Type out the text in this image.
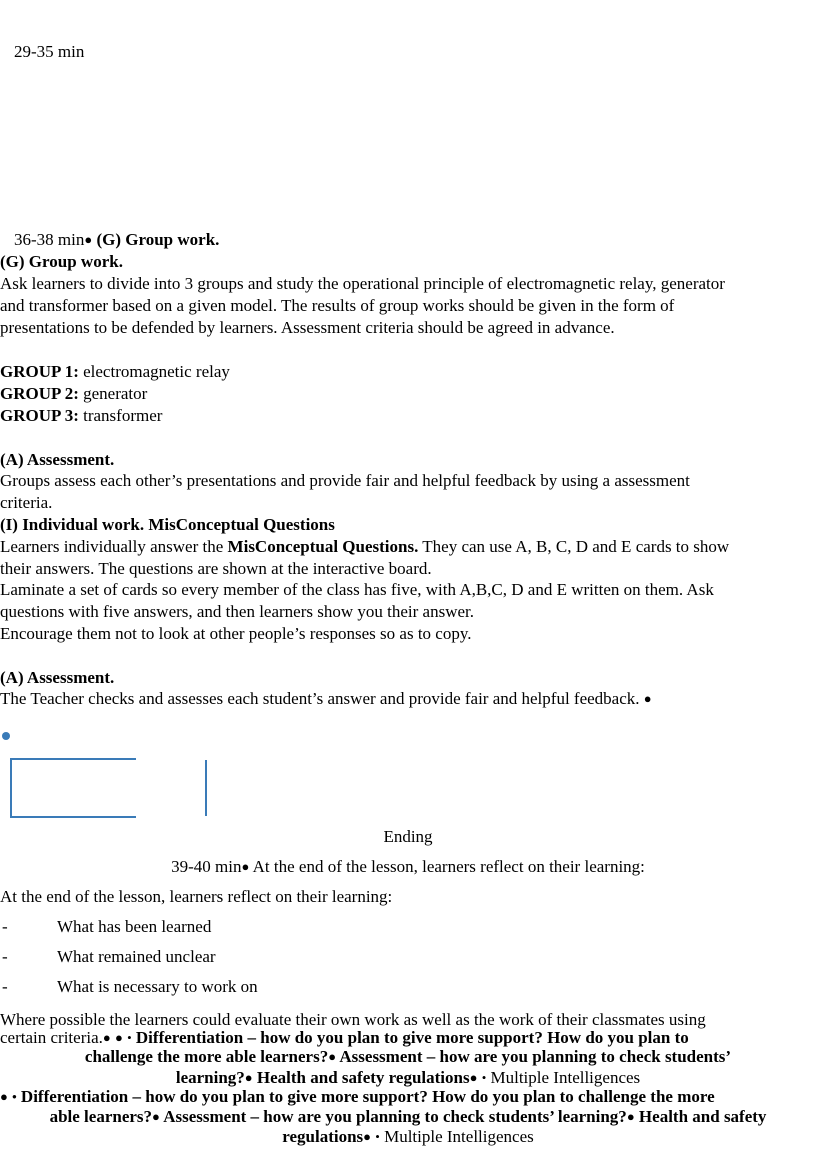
29-35 min
36-38 min● (G) Group work.
(G) Group work.
Ask learners to divide into 3 groups and study the operational principle of electromagnetic relay, generator
and transformer based on a given model. The results of group works should be given in the form of
presentations to be defended by learners. Assessment criteria should be agreed in advance.
GROUP 1: electromagnetic relay
GROUP 2: generator
GROUP 3: transformer
(A) Assessment.
Groups assess each other’s presentations and provide fair and helpful feedback by using a assessment
criteria.
(I) Individual work. MisConceptual Questions
Learners individually answer the MisConceptual Questions. They can use A, B, C, D and E cards to show
their answers. The questions are shown at the interactive board.
Laminate a set of cards so every member of the class has five, with A,B,C, D and E written on them. Ask
questions with five answers, and then learners show you their answer.
Encourage them not to look at other people’s responses so as to copy.
(A) Assessment.
The Teacher checks and assesses each student’s answer and provide fair and helpful feedback. ●
Ending
39-40 min● At the end of the lesson, learners reflect on their learning:
At the end of the lesson, learners reflect on their learning:
-	What has been learned
-	What remained unclear
-	What is necessary to work on
Where possible the learners could evaluate their own work as well as the work of their classmates using
certain criteria.● ● • Differentiation – how do you plan to give more support? How do you plan to
challenge the more able learners?● Assessment – how are you planning to check students’
learning?● Health and safety regulations● • Multiple Intelligences
● • Differentiation – how do you plan to give more support? How do you plan to challenge the more
able learners?● Assessment – how are you planning to check students’ learning?● Health and safety
regulations● • Multiple Intelligences
